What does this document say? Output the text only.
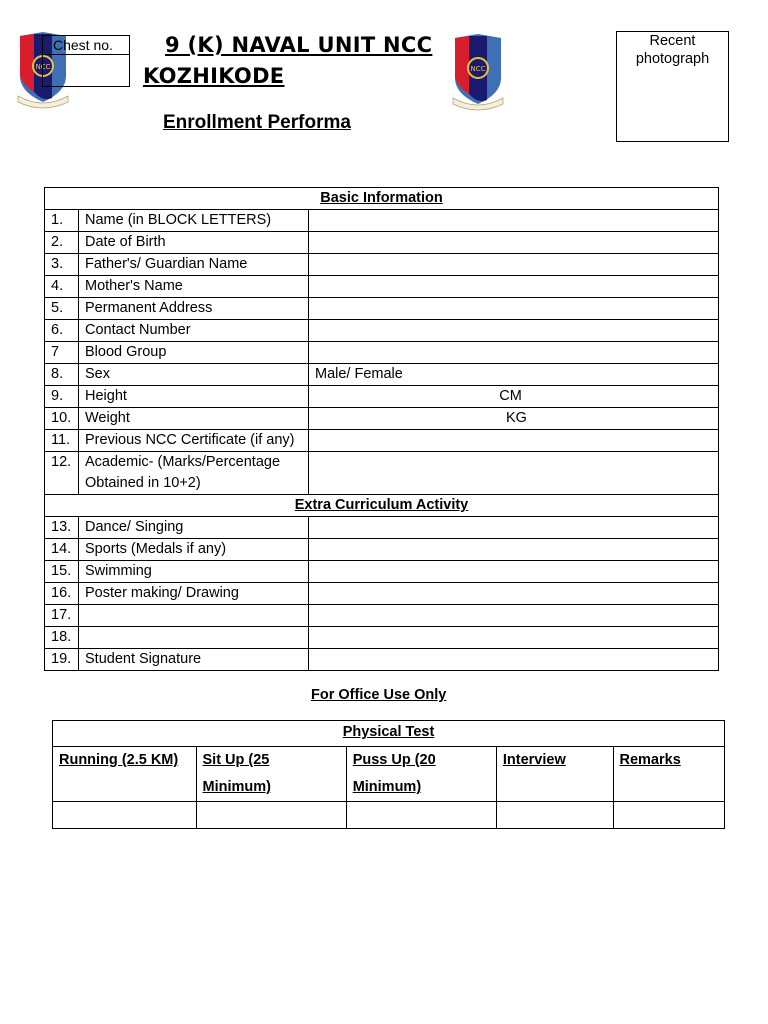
NCC	NCC
Chest no.	9 (K) NAVAL UNIT NCC
KOZHIKODE
Enrollment Performa
Recent
photograph
Basic Information		
1.	Name (in BLOCK LETTERS)	
2.	Date of Birth	
3.	Father's/ Guardian Name	
4.	Mother's Name	
5.	Permanent Address	
6.	Contact Number	
7	Blood Group	
8.	Sex	Male/ Female
9.	Height	CM
10.	Weight	KG
11.	Previous NCC Certificate (if any)	
12.	Academic- (Marks/Percentage Obtained in 10+2)	
Extra Curriculum Activity		
13.	Dance/ Singing	
14.	Sports (Medals if any)	
15.	Swimming	
16.	Poster making/ Drawing	
17.		
18.		
19.	Student Signature	
For Office Use Only
Physical Test				
Running (2.5 KM)	Sit Up (25 Minimum)	Puss Up (20 Minimum)	Interview	Remarks
